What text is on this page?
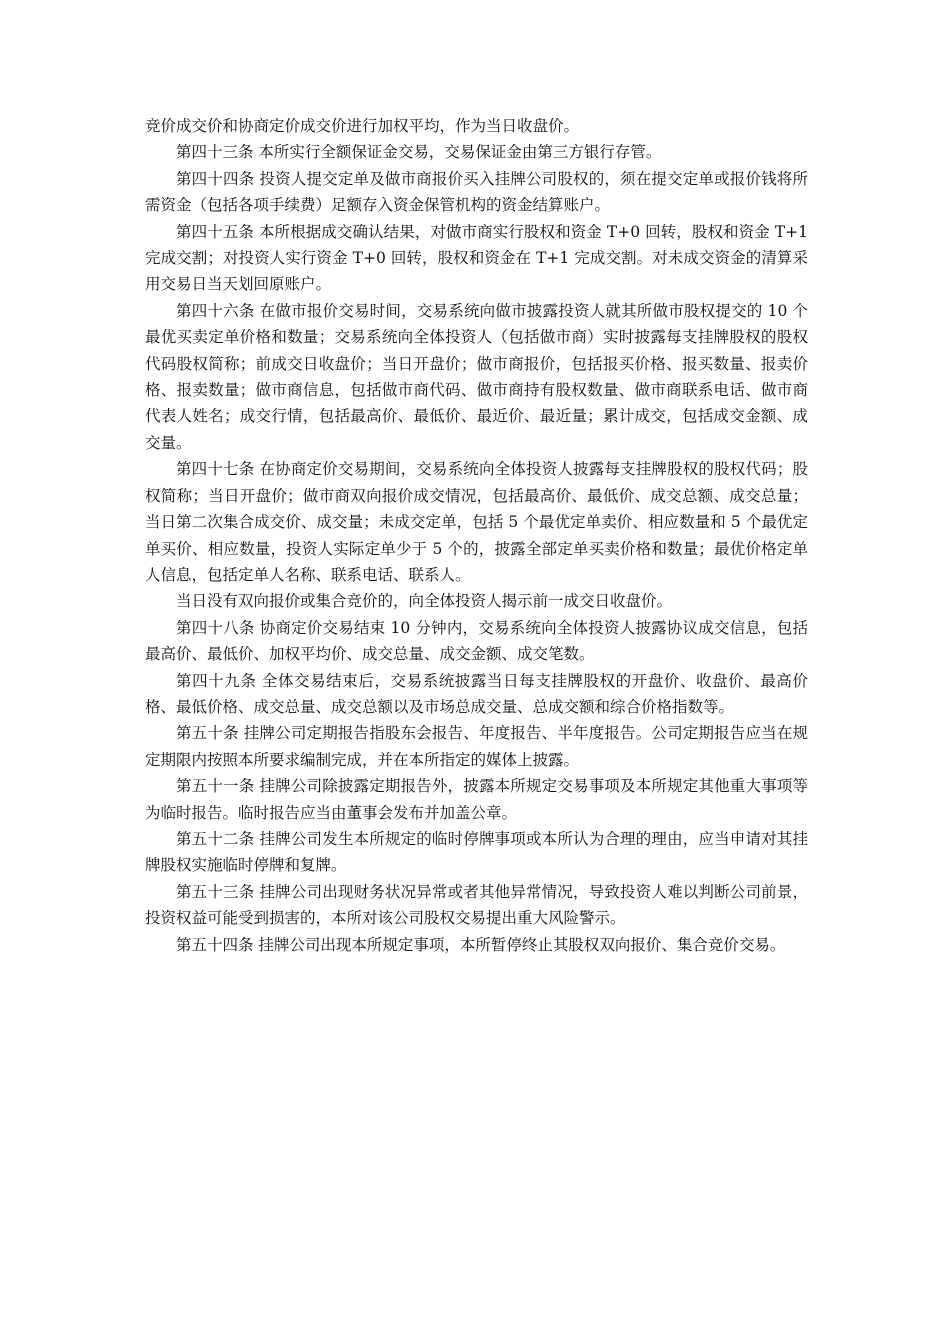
竞价成交价和协商定价成交价进行加权平均，作为当日收盘价。

第四十三条 本所实行全额保证金交易，交易保证金由第三方银行存管。

第四十四条 投资人提交定单及做市商报价买入挂牌公司股权的，须在提交定单或报价钱将所需资金（包括各项手续费）足额存入资金保管机构的资金结算账户。

第四十五条 本所根据成交确认结果，对做市商实行股权和资金 T+0 回转，股权和资金 T+1 完成交割；对投资人实行资金 T+0 回转，股权和资金在 T+1 完成交割。对未成交资金的清算采用交易日当天划回原账户。

第四十六条 在做市报价交易时间，交易系统向做市披露投资人就其所做市股权提交的 10 个最优买卖定单价格和数量；交易系统向全体投资人（包括做市商）实时披露每支挂牌股权的股权代码股权简称；前成交日收盘价；当日开盘价；做市商报价，包括报买价格、报买数量、报卖价格、报卖数量；做市商信息，包括做市商代码、做市商持有股权数量、做市商联系电话、做市商代表人姓名；成交行情，包括最高价、最低价、最近价、最近量；累计成交，包括成交金额、成交量。

第四十七条 在协商定价交易期间，交易系统向全体投资人披露每支挂牌股权的股权代码；股权简称；当日开盘价；做市商双向报价成交情况，包括最高价、最低价、成交总额、成交总量；当日第二次集合成交价、成交量；未成交定单，包括 5 个最优定单卖价、相应数量和 5 个最优定单买价、相应数量，投资人实际定单少于 5 个的，披露全部定单买卖价格和数量；最优价格定单人信息，包括定单人名称、联系电话、联系人。

当日没有双向报价或集合竞价的，向全体投资人揭示前一成交日收盘价。

第四十八条 协商定价交易结束 10 分钟内，交易系统向全体投资人披露协议成交信息，包括最高价、最低价、加权平均价、成交总量、成交金额、成交笔数。

第四十九条 全体交易结束后，交易系统披露当日每支挂牌股权的开盘价、收盘价、最高价格、最低价格、成交总量、成交总额以及市场总成交量、总成交额和综合价格指数等。

第五十条 挂牌公司定期报告指股东会报告、年度报告、半年度报告。公司定期报告应当在规定期限内按照本所要求编制完成，并在本所指定的媒体上披露。

第五十一条 挂牌公司除披露定期报告外，披露本所规定交易事项及本所规定其他重大事项等为临时报告。临时报告应当由董事会发布并加盖公章。

第五十二条 挂牌公司发生本所规定的临时停牌事项或本所认为合理的理由，应当申请对其挂牌股权实施临时停牌和复牌。

第五十三条 挂牌公司出现财务状况异常或者其他异常情况，导致投资人难以判断公司前景，投资权益可能受到损害的，本所对该公司股权交易提出重大风险警示。

第五十四条 挂牌公司出现本所规定事项，本所暂停终止其股权双向报价、集合竞价交易。
